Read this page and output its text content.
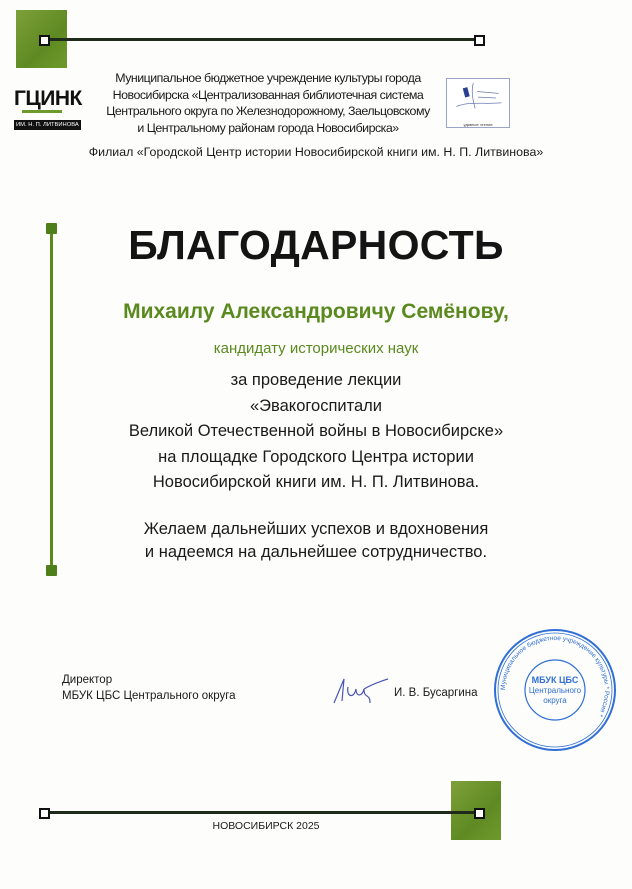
ГЦИНК
ИМ. Н. П. ЛИТВИНОВА
Муниципальное бюджетное учреждение культуры города
Новосибирска «Централизованная библиотечная система
Центрального округа по Железнодорожному, Заельцовскому
и Центральному районам города Новосибирска»	удивное чтение
Филиал «Городской Центр истории Новосибирской книги им. Н. П. Литвинова»
БЛАГОДАРНОСТЬ
Михаилу Александровичу Семёнову,
кандидату исторических наук
за проведение лекции
«Эвакогоспитали
Великой Отечественной войны в Новосибирске»
на площадке Городского Центра истории
Новосибирской книги им. Н. П. Литвинова.
Желаем дальнейших успехов и вдохновения
и надеемся на дальнейшее сотрудничество.
Директор
МБУК ЦБС Центрального округа	И. В. Бусаргина	Муниципальное бюджетное учреждение культуры * Россия *
МБУК ЦБС
Центрального
округа
НОВОСИБИРСК 2025
